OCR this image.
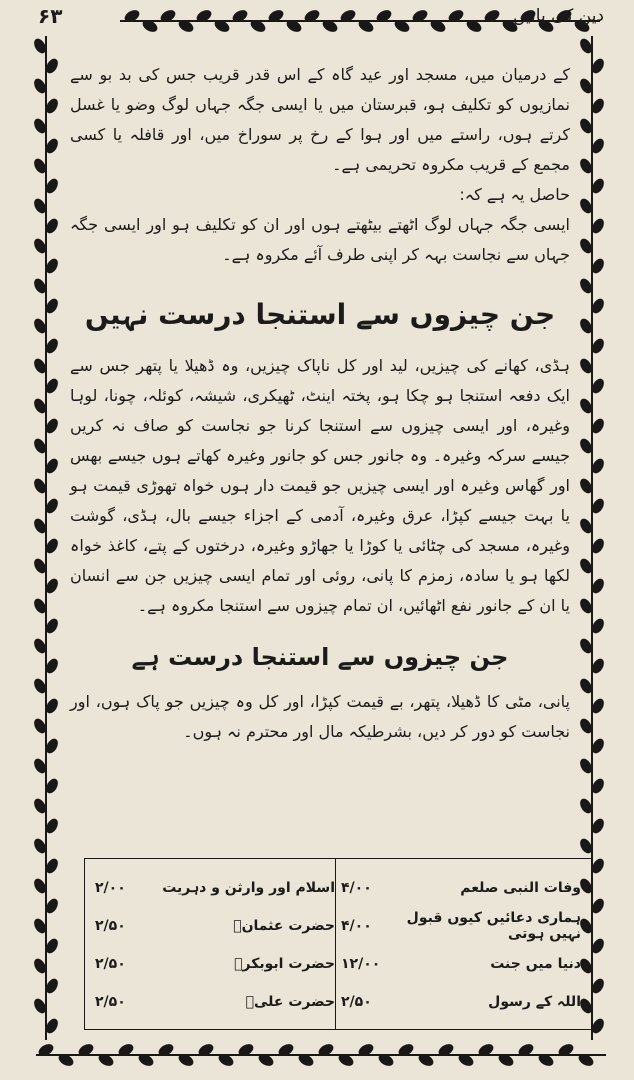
۶۳	دین کی باتیں

کے درمیان میں، مسجد اور عید گاہ کے اس قدر قریب جس کی بد بو سے نمازیوں کو تکلیف ہو، قبرستان میں یا ایسی جگہ جہاں لوگ وضو یا غسل کرتے ہوں، راستے میں اور ہوا کے رخ پر سوراخ میں، اور قافلہ یا کسی مجمع کے قریب مکروہ تحریمی ہے۔

حاصل یہ ہے کہ:

ایسی جگہ جہاں لوگ اٹھتے بیٹھتے ہوں اور ان کو تکلیف ہو اور ایسی جگہ جہاں سے نجاست بہہ کر اپنی طرف آئے مکروہ ہے۔

جن چیزوں سے استنجا درست نہیں

ہڈی، کھانے کی چیزیں، لید اور کل ناپاک چیزیں، وہ ڈھیلا یا پتھر جس سے ایک دفعہ استنجا ہو چکا ہو، پختہ اینٹ، ٹھیکری، شیشہ، کوئلہ، چونا، لوہا وغیرہ، اور ایسی چیزوں سے استنجا کرنا جو نجاست کو صاف نہ کریں جیسے سرکہ وغیرہ۔ وہ جانور جس کو جانور وغیرہ کھاتے ہوں جیسے بھس اور گھاس وغیرہ اور ایسی چیزیں جو قیمت دار ہوں خواہ تھوڑی قیمت ہو یا بہت جیسے کپڑا، عرق وغیرہ، آدمی کے اجزاء جیسے بال، ہڈی، گوشت وغیرہ، مسجد کی چٹائی یا کوڑا یا جھاڑو وغیرہ، درختوں کے پتے، کاغذ خواہ لکھا ہو یا سادہ، زمزم کا پانی، روئی اور تمام ایسی چیزیں جن سے انسان یا ان کے جانور نفع اٹھائیں، ان تمام چیزوں سے استنجا مکروہ ہے۔

جن چیزوں سے استنجا درست ہے

پانی، مٹی کا ڈھیلا، پتھر، بے قیمت کپڑا، اور کل وہ چیزیں جو پاک ہوں، اور نجاست کو دور کر دیں، بشرطیکہ مال اور محترم نہ ہوں۔

وفات النبی صلعم
۴/۰۰
ہماری دعائیں کیوں قبول نہیں ہوتی
۴/۰۰
دنیا میں جنت
۱۲/۰۰
اللہ کے رسول
۲/۵۰
اسلام اور وارثن و دہریت
۲/۰۰
حضرت عثمانؓ
۲/۵۰
حضرت ابوبکرؓ
۲/۵۰
حضرت علیؓ
۲/۵۰
